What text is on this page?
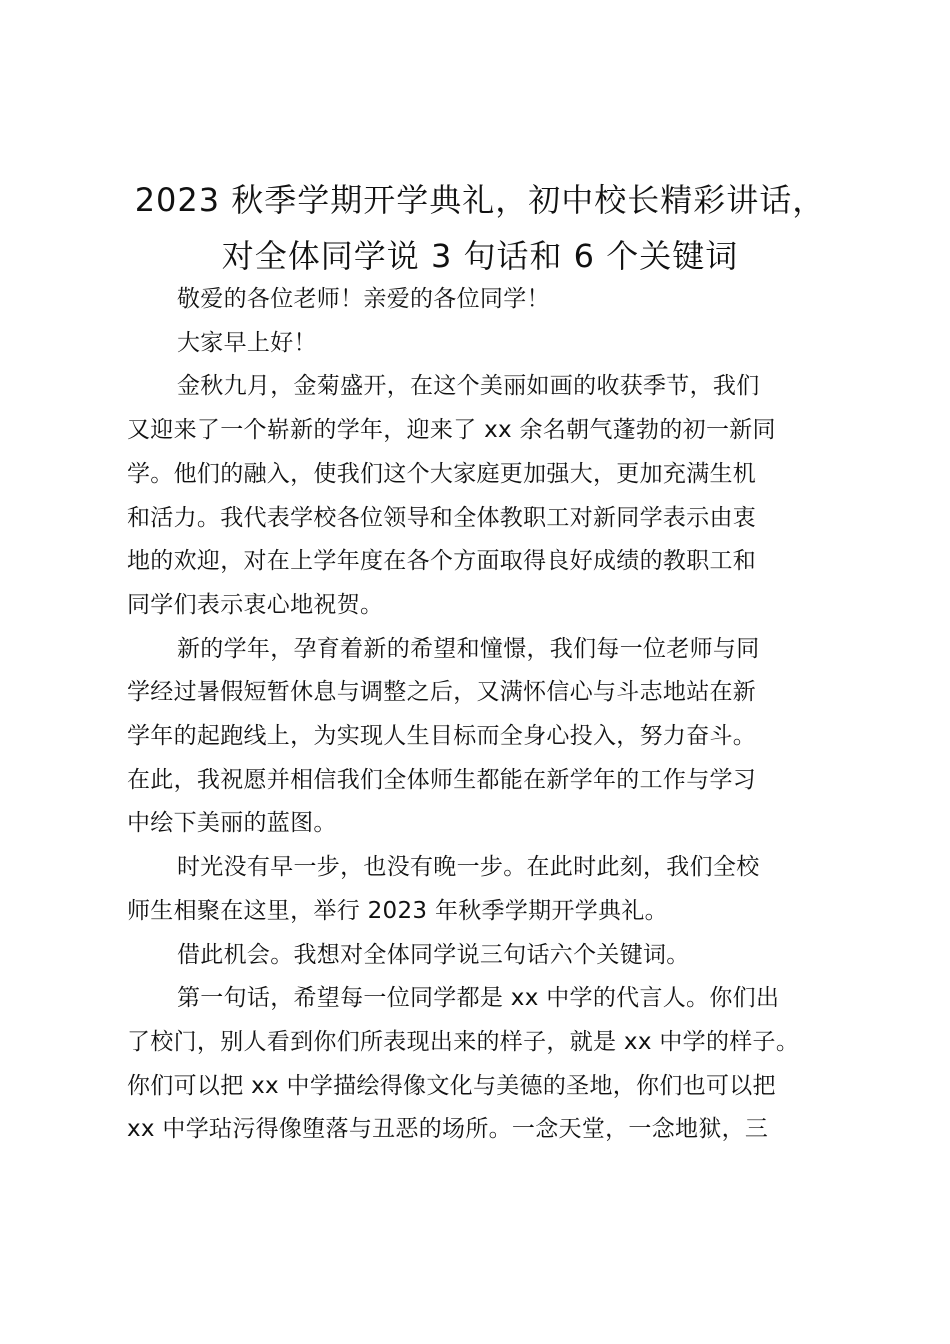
2023 秋季学期开学典礼，初中校长精彩讲话，
对全体同学说 3 句话和 6 个关键词
敬爱的各位老师！亲爱的各位同学！
大家早上好！
金秋九月，金菊盛开，在这个美丽如画的收获季节，我们
又迎来了一个崭新的学年，迎来了 xx 余名朝气蓬勃的初一新同
学。他们的融入，使我们这个大家庭更加强大，更加充满生机
和活力。我代表学校各位领导和全体教职工对新同学表示由衷
地的欢迎，对在上学年度在各个方面取得良好成绩的教职工和
同学们表示衷心地祝贺。
新的学年，孕育着新的希望和憧憬，我们每一位老师与同
学经过暑假短暂休息与调整之后，又满怀信心与斗志地站在新
学年的起跑线上，为实现人生目标而全身心投入，努力奋斗。
在此，我祝愿并相信我们全体师生都能在新学年的工作与学习
中绘下美丽的蓝图。
时光没有早一步，也没有晚一步。在此时此刻，我们全校
师生相聚在这里，举行 2023 年秋季学期开学典礼。
借此机会。我想对全体同学说三句话六个关键词。
第一句话，希望每一位同学都是 xx 中学的代言人。你们出
了校门，别人看到你们所表现出来的样子，就是 xx 中学的样子。
你们可以把 xx 中学描绘得像文化与美德的圣地，你们也可以把
xx 中学玷污得像堕落与丑恶的场所。一念天堂，一念地狱，三
